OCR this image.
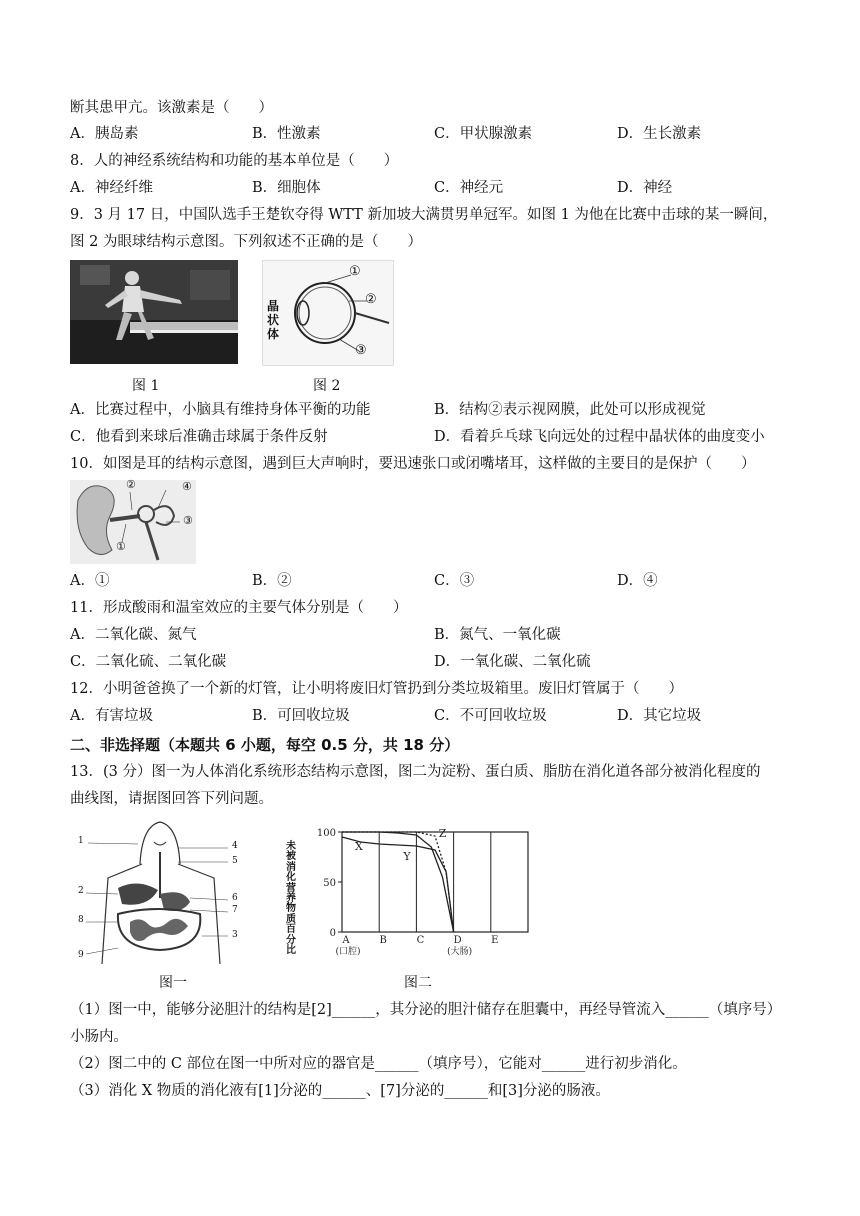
断其患甲亢。该激素是（　　）
A．胰岛素	B．性激素	C．甲状腺激素	D．生长激素
8．人的神经系统结构和功能的基本单位是（　　）
A．神经纤维	B．细胞体	C．神经元	D．神经
9．3 月 17 日，中国队选手王楚钦夺得 WTT 新加坡大满贯男单冠军。如图 1 为他在比赛中击球的某一瞬间，
图 2 为眼球结构示意图。下列叙述不正确的是（　　）
晶
状
体
①
②
③
图 1	图 2
A．比赛过程中，小脑具有维持身体平衡的功能	B．结构②表示视网膜，此处可以形成视觉
C．他看到来球后准确击球属于条件反射	D．看着乒乓球飞向远处的过程中晶状体的曲度变小
10．如图是耳的结构示意图，遇到巨大声响时，要迅速张口或闭嘴堵耳，这样做的主要目的是保护（　　）
②	④
③
①
A．①	B．②	C．③	D．④
11．形成酸雨和温室效应的主要气体分别是（　　）
A．二氧化碳、氮气	B．氮气、一氧化碳
C．二氧化硫、二氧化碳	D．一氧化碳、二氧化硫
12．小明爸爸换了一个新的灯管，让小明将废旧灯管扔到分类垃圾箱里。废旧灯管属于（　　）
A．有害垃圾	B．可回收垃圾	C．不可回收垃圾	D．其它垃圾
二、非选择题（本题共 6 小题，每空 0.5 分，共 18 分）
13．(3 分）图一为人体消化系统形态结构示意图，图二为淀粉、蛋白质、脂肪在消化道各部分被消化程度的
曲线图，请据图回答下列问题。
1
2
8
9
4
5
6
7
3
未被
消化
营养
物质
百分
比
100
50
0
A
(口腔)
B	C	D
(大肠)
E
X
Y
Z
图一	图二
（1）图一中，能够分泌胆汁的结构是[2]______，其分泌的胆汁储存在胆囊中，再经导管流入______（填序号）
小肠内。
（2）图二中的 C 部位在图一中所对应的器官是______（填序号），它能对______进行初步消化。
（3）消化 X 物质的消化液有[1]分泌的______、[7]分泌的______和[3]分泌的肠液。
